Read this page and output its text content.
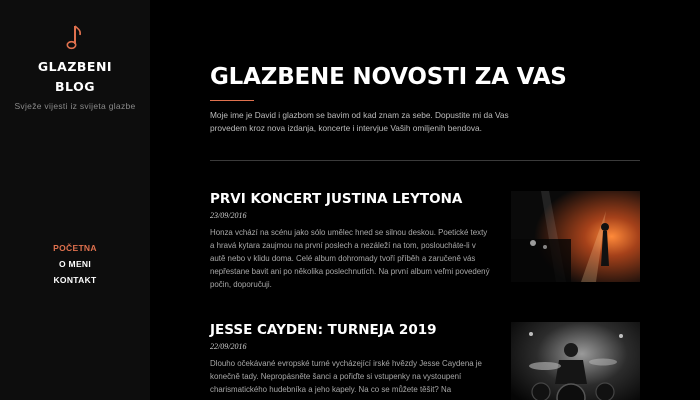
GLAZBENI
BLOG
Svježe vijesti iz svijeta glazbe
POČETNA
O MENI
KONTAKT
GLAZBENE NOVOSTI ZA VAS

Moje ime je David i glazbom se bavim od kad znam za sebe. Dopustite mi da Vas provedem kroz nova izdanja, koncerte i intervjue Vaših omiljenih bendova.

PRVI KONCERT JUSTINA LEYTONA
23/09/2016

Honza vchází na scénu jako sólo umělec hned se silnou deskou. Poetické texty a hravá kytara zaujmou na první poslech a nezáleží na tom, posloucháte-li v autě nebo v klidu doma. Celé album dohromady tvoří příběh a zaručeně vás nepřestane bavit ani po několika poslechnutích. Na první album veľmi povedený počin, doporučuji.

JESSE CAYDEN: TURNEJA 2019
22/09/2016

Dlouho očekávané evropské turné vycházející irské hvězdy Jesse Caydena je konečně tady. Nepropásněte šanci a pořiďte si vstupenky na vystoupení charismatického hudebníka a jeho kapely. Na co se můžete těšit? Na
